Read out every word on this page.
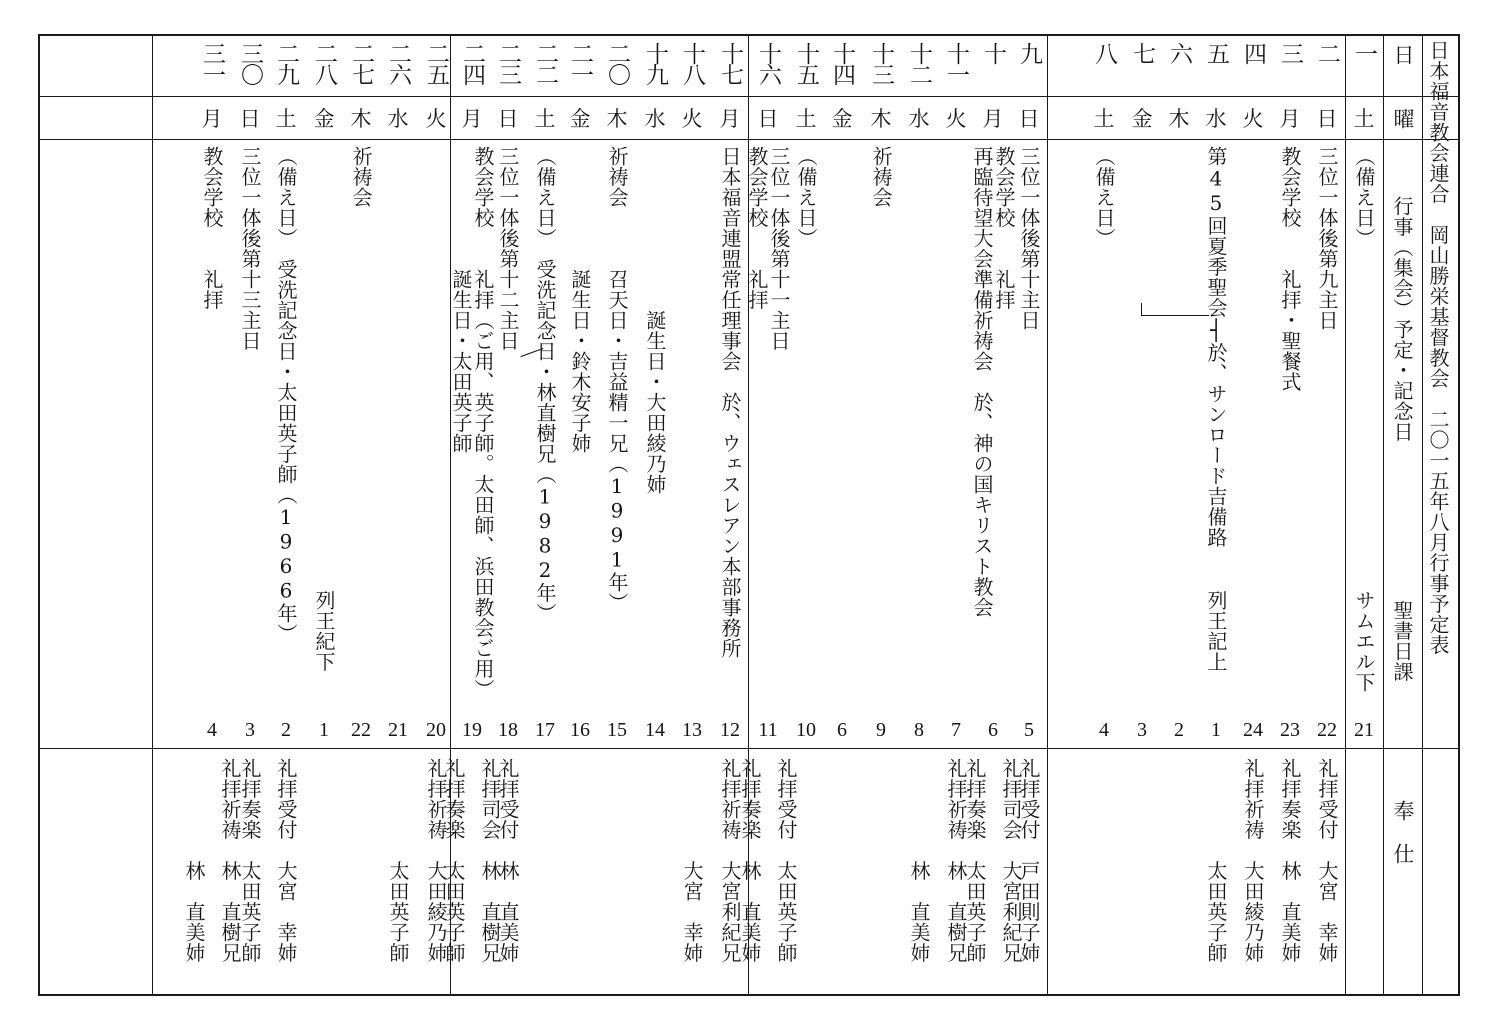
日本福音教会連合　岡山勝栄基督教会　二〇一五年八月行事予定表
日
曜
行事（集会）予定・記念日
聖書日課
奉仕
一
土
（備え日）
サムエル下
21
二
日
三位一体後第九主日
22
礼拝受付　大宮　幸姉
三
月
教会学校　　礼拝・聖餐式
23
礼拝奏楽　林　直美姉
四
火
24
礼拝祈祷　大田綾乃姉
五
水
第45回夏季聖会┤於、サンロード吉備路
列王記上
1
　　　　　太田英子師
六
木
2
七
金
3
八
土
（備え日）
4
九
日
三位一体後第十主日
5
礼拝受付　戸田則子姉
十
月
教会学校　　礼拝
再臨待望大会準備祈祷会　於、神の国キリスト教会
6
礼拝司会　大宮利紀兄
礼拝奏楽　太田英子師
十一
火
7
礼拝祈祷　林　直樹兄
十二
水
8
　　　　　林　直美姉
十三
木
祈祷会
9
十四
金
6
十五
土
（備え日）
10
十六
日
三位一体後第十一主日
教会学校　　礼拝
11
礼拝受付　太田英子師
礼拝奏楽　林　直美姉
十七
月
日本福音連盟常任理事会　於、ウェスレアン本部事務所
12
礼拝祈祷　大宮利紀兄
十八
火
13
　　　　　大宮　幸姉
十九
水
　　　　　　　　誕生日・大田綾乃姉
14
二〇
木
祈祷会　　　召天日・吉益精一兄（1991年）
15
二一
金
　　　　　　誕生日・鈴木安子姉
16
二二
土
（備え日）　受洗記念日・林直樹兄（1982年）
17
二三
日
三位一体後第十二主日
18
礼拝受付　林　直美姉
二四
月
教会学校　　礼拝（ご用、英子師。太田師、浜田教会ご用）
　　　　　　誕生日・太田英子師
19
礼拝司会　林　直樹兄
礼拝奏楽　太田英子師
二五
火
20
礼拝祈祷　大田綾乃姉
二六
水
21
　　　　　太田英子師
二七
木
祈祷会
22
二八
金
列王紀下
1
二九
土
（備え日）　受洗記念日・太田英子師（1966年）
2
礼拝受付　大宮　幸姉
三〇
日
三位一体後第十三主日
3
礼拝奏楽　太田英子師
三一
月
教会学校　　礼拝
4
礼拝祈祷　林　直樹兄
　　　　　林　直美姉
